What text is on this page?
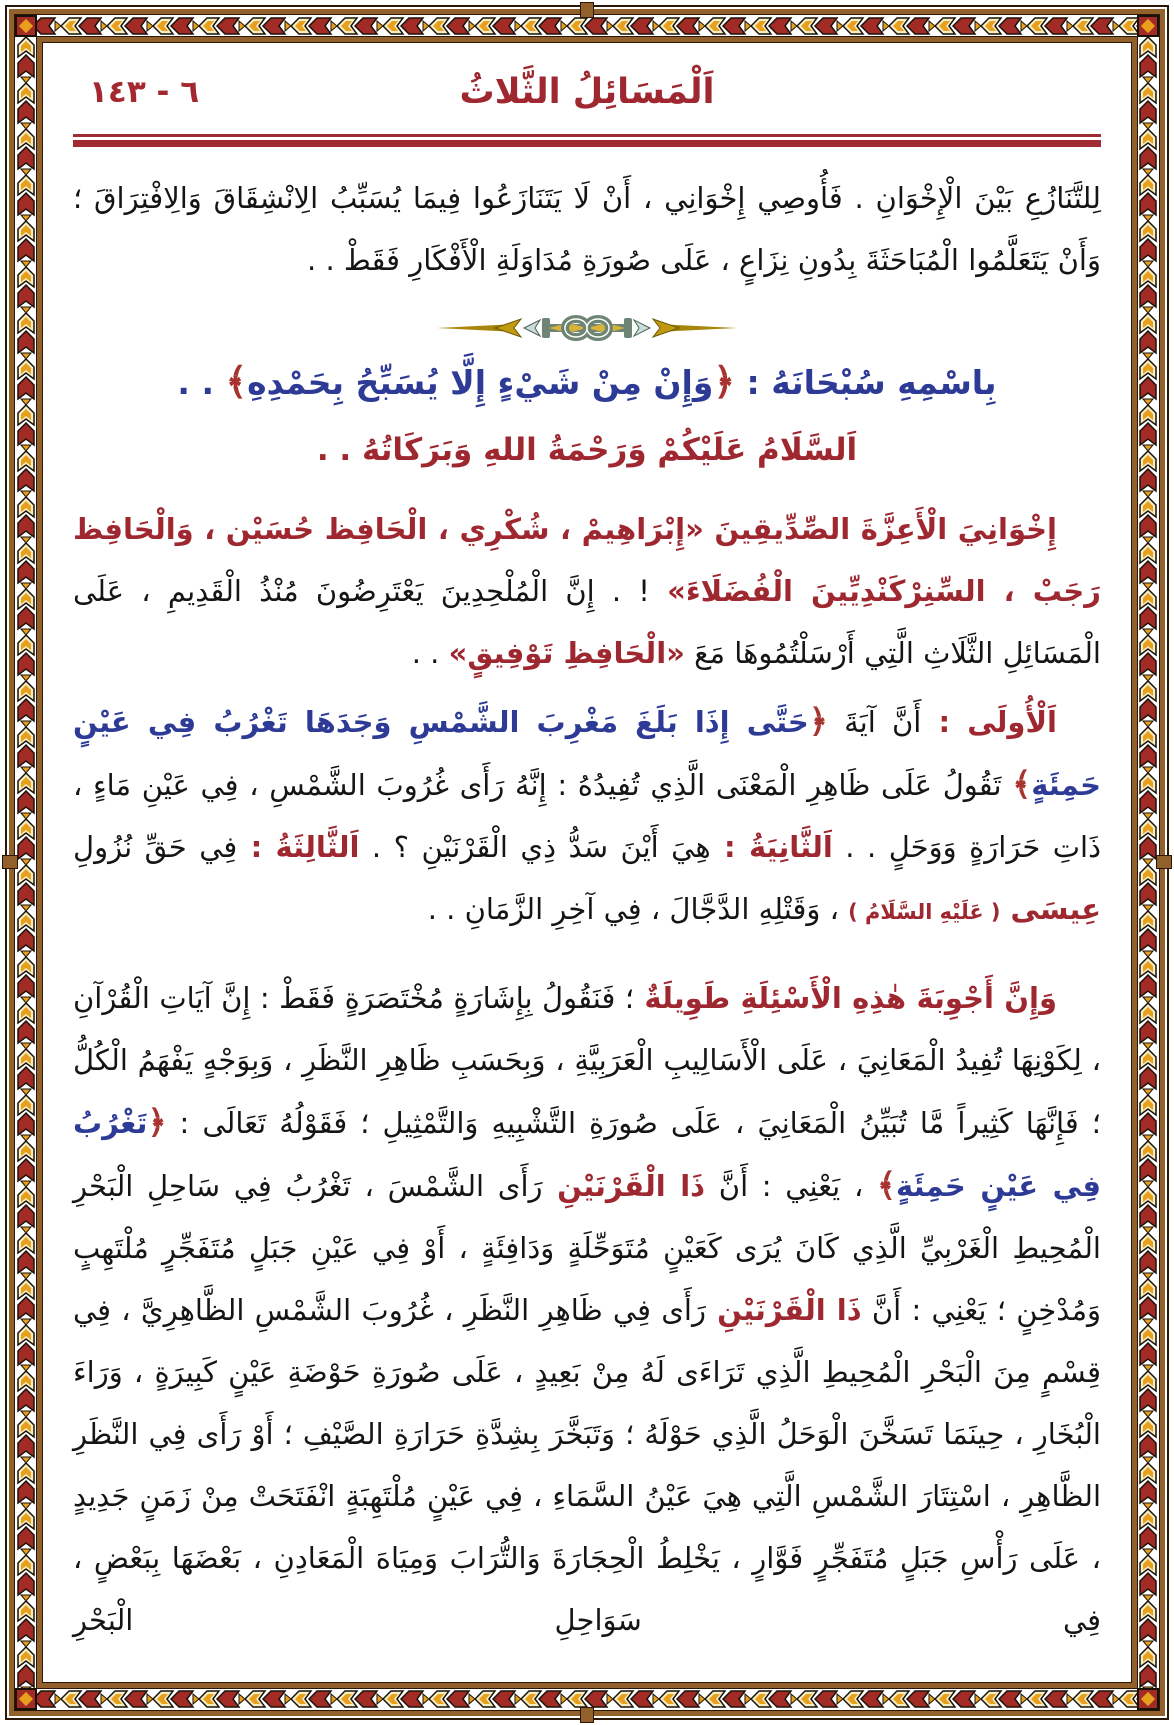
٦ - ١٤٣	اَلْمَسَائِلُ الثَّلاثُ
لِلتَّنَازُعِ بَيْنَ الْإِخْوَانِ . فَأُوصِي إِخْوَانِي ، أَنْ لَا يَتَنَازَعُوا فِيمَا يُسَبِّبُ الِانْشِقَاقَ وَالِافْتِرَاقَ ؛ وَأَنْ يَتَعَلَّمُوا الْمُبَاحَثَةَ بِدُونِ نِزَاعٍ ، عَلَى صُورَةِ مُدَاوَلَةِ الْأَفْكَارِ فَقَطْ . .
بِاسْمِهِ سُبْحَانَهُ : ﴿وَإِنْ مِنْ شَيْءٍ إِلَّا يُسَبِّحُ بِحَمْدِهِ﴾ . .
اَلسَّلَامُ عَلَيْكُمْ وَرَحْمَةُ اللهِ وَبَرَكَاتُهُ . .
إِخْوَانِيَ الْأَعِزَّةَ الصِّدِّيقِينَ «إِبْرَاهِيمْ ، شُكْرِي ، الْحَافِظ حُسَيْن ، وَالْحَافِظ رَجَبْ ، السِّنِرْكَنْدِيِّينَ الْفُضَلَاءَ» ! . إِنَّ الْمُلْحِدِينَ يَعْتَرِضُونَ مُنْذُ الْقَدِيمِ ، عَلَى الْمَسَائِلِ الثَّلَاثِ الَّتِي أَرْسَلْتُمُوهَا مَعَ «الْحَافِظِ تَوْفِيقٍ» . .
اَلْأُولَى : أَنَّ آيَةَ ﴿حَتَّى إِذَا بَلَغَ مَغْرِبَ الشَّمْسِ وَجَدَهَا تَغْرُبُ فِي عَيْنٍ حَمِئَةٍ﴾ تَقُولُ عَلَى ظَاهِرِ الْمَعْنَى الَّذِي تُفِيدُهُ : إِنَّهُ رَأَى غُرُوبَ الشَّمْسِ ، فِي عَيْنِ مَاءٍ ، ذَاتِ حَرَارَةٍ وَوَحَلٍ . . اَلثَّانِيَةُ : هِيَ أَيْنَ سَدُّ ذِي الْقَرْنَيْنِ ؟ . اَلثَّالِثَةُ : فِي حَقِّ نُزُولِ عِيسَى ( عَلَيْهِ السَّلَامُ ) ، وَقَتْلِهِ الدَّجَّالَ ، فِي آخِرِ الزَّمَانِ . .
وَإِنَّ أَجْوِبَةَ هٰذِهِ الْأَسْئِلَةِ طَوِيلَةٌ ؛ فَنَقُولُ بِإِشَارَةٍ مُخْتَصَرَةٍ فَقَطْ : إِنَّ آيَاتِ الْقُرْآنِ ، لِكَوْنِهَا تُفِيدُ الْمَعَانِيَ ، عَلَى الْأَسَالِيبِ الْعَرَبِيَّةِ ، وَبِحَسَبِ ظَاهِرِ النَّظَرِ ، وَبِوَجْهٍ يَفْهَمُ الْكُلُّ ؛ فَإِنَّهَا كَثِيراً مَّا تُبَيِّنُ الْمَعَانِيَ ، عَلَى صُورَةِ التَّشْبِيهِ وَالتَّمْثِيلِ ؛ فَقَوْلُهُ تَعَالَى : ﴿تَغْرُبُ فِي عَيْنٍ حَمِئَةٍ﴾ ، يَعْنِي : أَنَّ ذَا الْقَرْنَيْنِ رَأَى الشَّمْسَ ، تَغْرُبُ فِي سَاحِلِ الْبَحْرِ الْمُحِيطِ الْغَرْبِيِّ الَّذِي كَانَ يُرَى كَعَيْنٍ مُتَوَحِّلَةٍ وَدَافِئَةٍ ، أَوْ فِي عَيْنِ جَبَلٍ مُتَفَجِّرٍ مُلْتَهِبٍ وَمُدْخِنٍ ؛ يَعْنِي : أَنَّ ذَا الْقَرْنَيْنِ رَأَى فِي ظَاهِرِ النَّظَرِ ، غُرُوبَ الشَّمْسِ الظَّاهِرِيَّ ، فِي قِسْمٍ مِنَ الْبَحْرِ الْمُحِيطِ الَّذِي تَرَاءَى لَهُ مِنْ بَعِيدٍ ، عَلَى صُورَةِ حَوْضَةِ عَيْنٍ كَبِيرَةٍ ، وَرَاءَ الْبُخَارِ ، حِينَمَا تَسَخَّنَ الْوَحَلُ الَّذِي حَوْلَهُ ؛ وَتَبَخَّرَ بِشِدَّةِ حَرَارَةِ الصَّيْفِ ؛ أَوْ رَأَى فِي النَّظَرِ الظَّاهِرِ ، اسْتِتَارَ الشَّمْسِ الَّتِي هِيَ عَيْنُ السَّمَاءِ ، فِي عَيْنٍ مُلْتَهِبَةٍ انْفَتَحَتْ مِنْ زَمَنٍ جَدِيدٍ ، عَلَى رَأْسِ جَبَلٍ مُتَفَجِّرٍ فَوَّارٍ ، يَخْلِطُ الْحِجَارَةَ وَالتُّرَابَ وَمِيَاهَ الْمَعَادِنِ ، بَعْضَهَا بِبَعْضٍ ، فِي سَوَاحِلِ الْبَحْرِ
